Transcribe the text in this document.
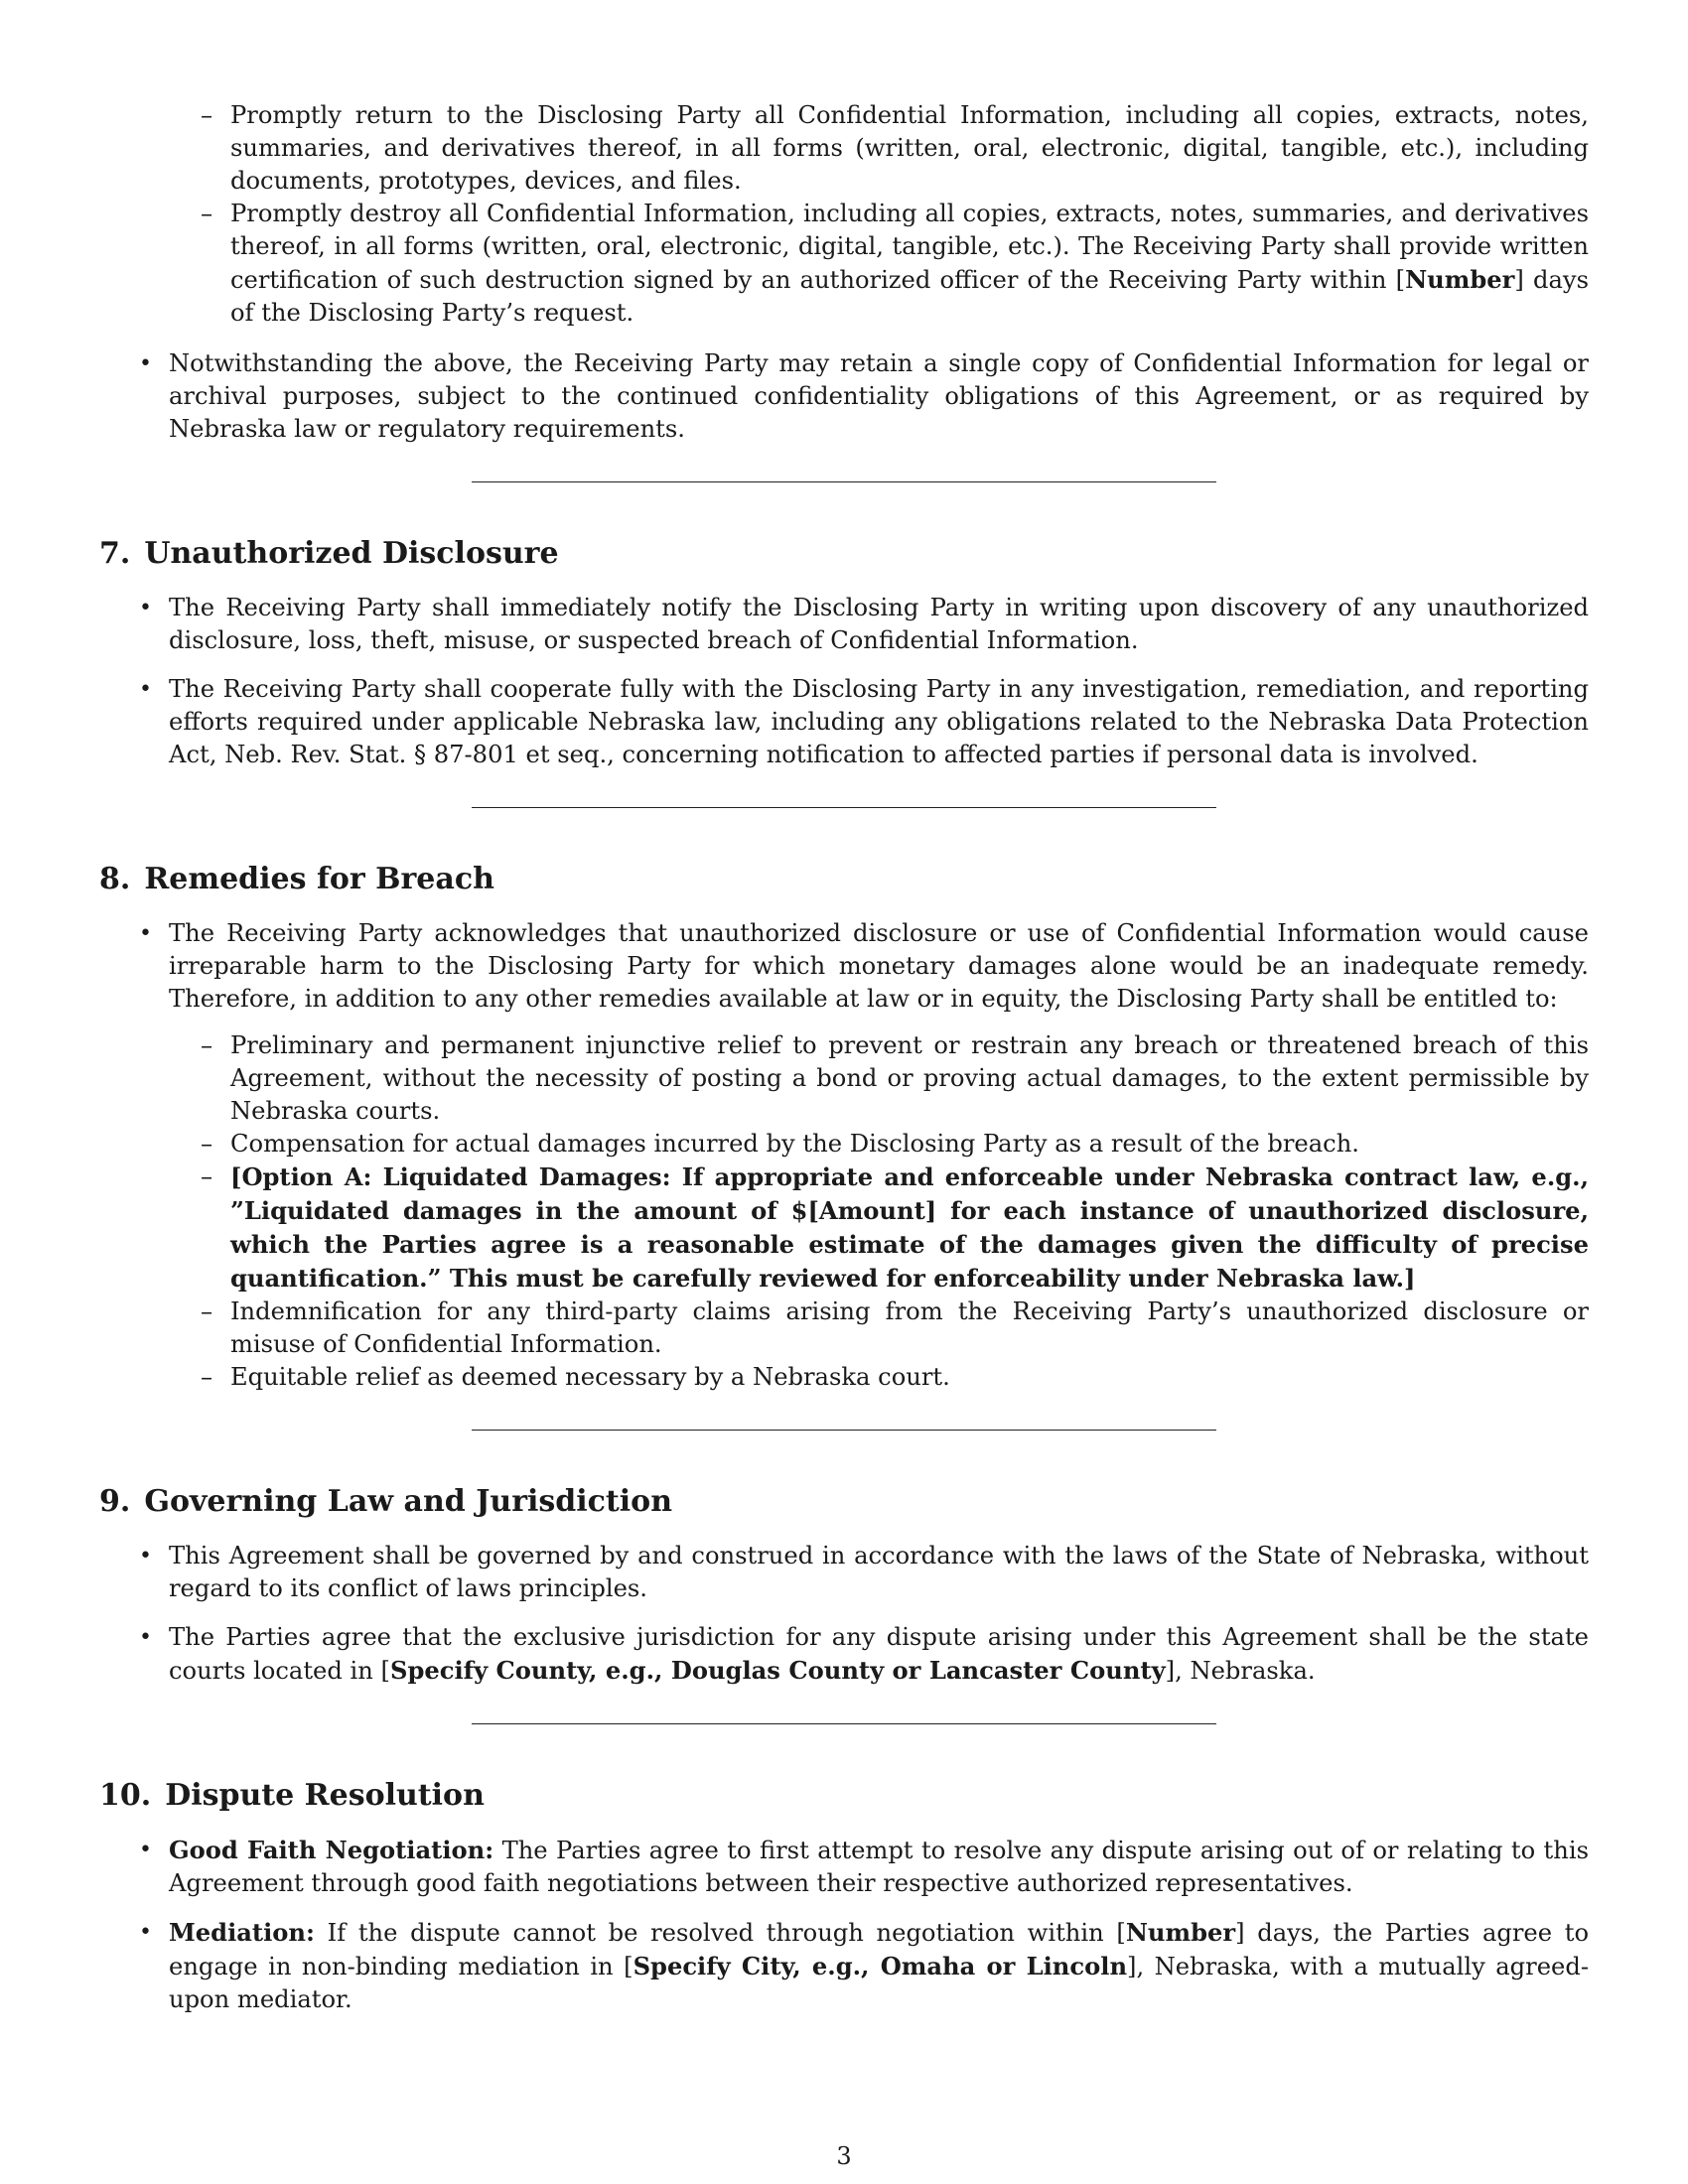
– Promptly return to the Disclosing Party all Confidential Information, including all copies, extracts, notes, summaries, and derivatives thereof, in all forms (written, oral, electronic, digital, tangible, etc.), including documents, prototypes, devices, and files.
– Promptly destroy all Confidential Information, including all copies, extracts, notes, summaries, and derivatives thereof, in all forms (written, oral, electronic, digital, tangible, etc.). The Receiving Party shall provide written certification of such destruction signed by an authorized officer of the Receiving Party within [Number] days of the Disclosing Party’s request.
• Notwithstanding the above, the Receiving Party may retain a single copy of Confidential Information for legal or archival purposes, subject to the continued confidentiality obligations of this Agreement, or as required by Nebraska law or regulatory requirements.
7. Unauthorized Disclosure
• The Receiving Party shall immediately notify the Disclosing Party in writing upon discovery of any unauthorized disclosure, loss, theft, misuse, or suspected breach of Confidential Information.
• The Receiving Party shall cooperate fully with the Disclosing Party in any investigation, remediation, and reporting efforts required under applicable Nebraska law, including any obligations related to the Nebraska Data Protection Act, Neb. Rev. Stat. § 87-801 et seq., concerning notification to affected parties if personal data is involved.
8. Remedies for Breach
• The Receiving Party acknowledges that unauthorized disclosure or use of Confidential Information would cause irreparable harm to the Disclosing Party for which monetary damages alone would be an inadequate remedy. Therefore, in addition to any other remedies available at law or in equity, the Disclosing Party shall be entitled to:
– Preliminary and permanent injunctive relief to prevent or restrain any breach or threatened breach of this Agreement, without the necessity of posting a bond or proving actual damages, to the extent permissible by Nebraska courts.
– Compensation for actual damages incurred by the Disclosing Party as a result of the breach.
– [Option A: Liquidated Damages: If appropriate and enforceable under Nebraska contract law, e.g., ”Liquidated damages in the amount of $[Amount] for each instance of unauthorized disclosure, which the Parties agree is a reasonable estimate of the damages given the difficulty of precise quantification.” This must be carefully reviewed for enforceability under Nebraska law.]
– Indemnification for any third-party claims arising from the Receiving Party’s unauthorized disclosure or misuse of Confidential Information.
– Equitable relief as deemed necessary by a Nebraska court.
9. Governing Law and Jurisdiction
• This Agreement shall be governed by and construed in accordance with the laws of the State of Nebraska, without regard to its conflict of laws principles.
• The Parties agree that the exclusive jurisdiction for any dispute arising under this Agreement shall be the state courts located in [Specify County, e.g., Douglas County or Lancaster County], Nebraska.
10. Dispute Resolution
• Good Faith Negotiation: The Parties agree to first attempt to resolve any dispute arising out of or relating to this Agreement through good faith negotiations between their respective authorized representatives.
• Mediation: If the dispute cannot be resolved through negotiation within [Number] days, the Parties agree to engage in non-binding mediation in [Specify City, e.g., Omaha or Lincoln], Nebraska, with a mutually agreed-upon mediator.
3
